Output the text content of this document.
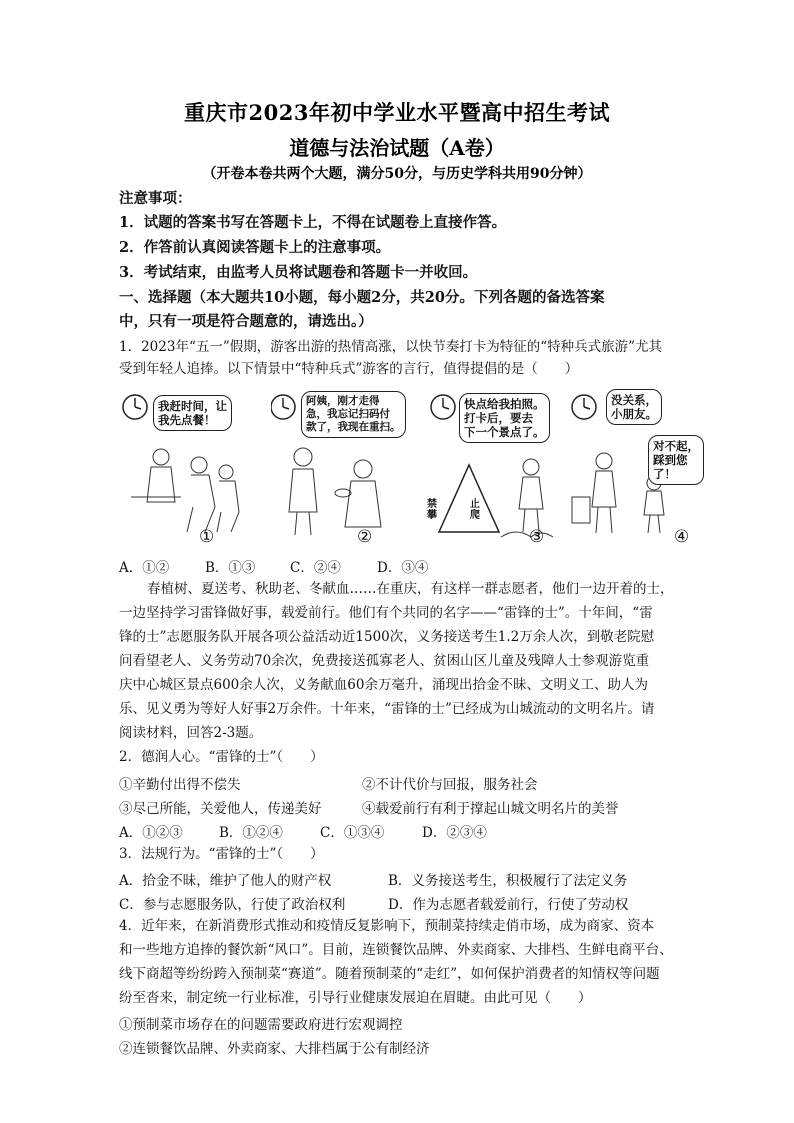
重庆市2023年初中学业水平暨高中招生考试
道德与法治试题（A卷）
（开卷本卷共两个大题，满分50分，与历史学科共用90分钟）
注意事项：
1．试题的答案书写在答题卡上，不得在试题卷上直接作答。
2．作答前认真阅读答题卡上的注意事项。
3．考试结束，由监考人员将试题卷和答题卡一并收回。
一、选择题（本大题共10小题，每小题2分，共20分。下列各题的备选答案
中，只有一项是符合题意的，请选出。）
1．2023年“五一”假期，游客出游的热情高涨，以快节奏打卡为特征的“特种兵式旅游”尤其
受到年轻人追捧。以下情景中“特种兵式”游客的言行，值得提倡的是（　　）
我赶时间，让
我先点餐！
①
阿姨，刚才走得
急，我忘记扫码付
款了，我现在重扫。
②
禁攀
止爬
快点给我拍照。
打卡后，要去
下一个景点了。
③
没关系，
小朋友。
对不起，
踩到您
了！
④
A．①②	B．①③	C．②④	D．③④
春植树、夏送考、秋助老、冬献血……在重庆，有这样一群志愿者，他们一边开着的士，
一边坚持学习雷锋做好事，载爱前行。他们有个共同的名字——“雷锋的士”。十年间，“雷
锋的士”志愿服务队开展各项公益活动近1500次，义务接送考生1.2万余人次，到敬老院慰
问看望老人、义务劳动70余次，免费接送孤寡老人、贫困山区儿童及残障人士参观游览重
庆中心城区景点600余人次，义务献血60余万毫升，涌现出拾金不昧、文明义工、助人为
乐、见义勇为等好人好事2万余件。十年来，“雷锋的士”已经成为山城流动的文明名片。请
阅读材料，回答2-3题。
2．德润人心。“雷锋的士”（　　）
①辛勤付出得不偿失	②不计代价与回报，服务社会
③尽己所能，关爱他人，传递美好	④载爱前行有利于撑起山城文明名片的美誉
A．①②③	B．①②④	C．①③④	D．②③④
3．法规行为。“雷锋的士”（　　）
A．拾金不昧，维护了他人的财产权	B．义务接送考生，积极履行了法定义务
C．参与志愿服务队，行使了政治权利	D．作为志愿者载爱前行，行使了劳动权
4．近年来，在新消费形式推动和疫情反复影响下，预制菜持续走俏市场，成为商家、资本
和一些地方追捧的餐饮新“风口”。目前，连锁餐饮品牌、外卖商家、大排档、生鲜电商平台、
线下商超等纷纷跨入预制菜“赛道”。随着预制菜的“走红”，如何保护消费者的知情权等问题
纷至沓来，制定统一行业标准，引导行业健康发展迫在眉睫。由此可见（　　）
①预制菜市场存在的问题需要政府进行宏观调控
②连锁餐饮品牌、外卖商家、大排档属于公有制经济
